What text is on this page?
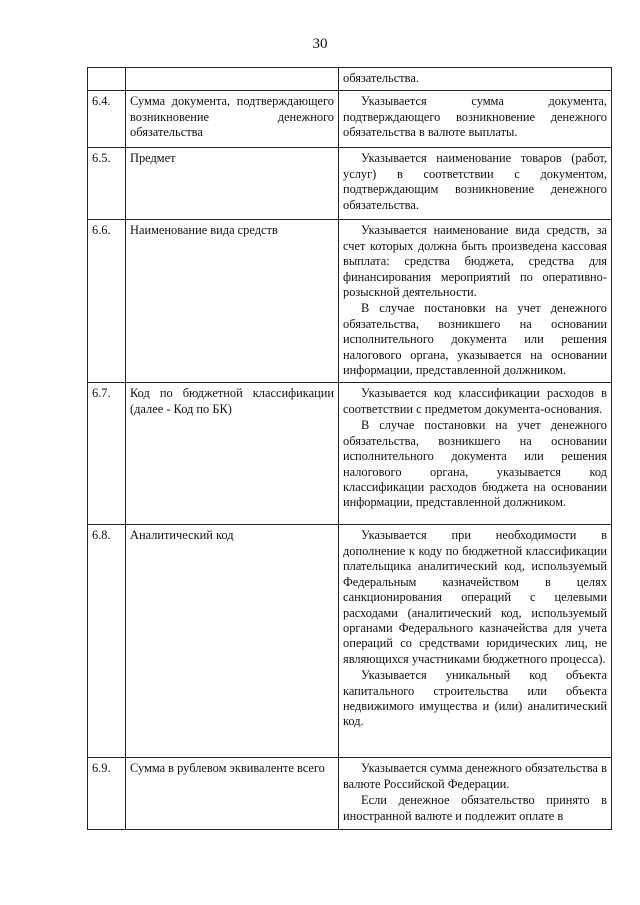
30

		обязательства.

6.4.	Сумма документа, подтверждающего возникновение денежного обязательства	Указывается сумма документа, подтверждающего возникновение денежного обязательства в валюте выплаты.

6.5.	Предмет	Указывается наименование товаров (работ, услуг) в соответствии с документом, подтверждающим возникновение денежного обязательства.

6.6.	Наименование вида средств	Указывается наименование вида средств, за счет которых должна быть произведена кассовая выплата: средства бюджета, средства для финансирования мероприятий по оперативно-розыскной деятельности.

В случае постановки на учет денежного обязательства, возникшего на основании исполнительного документа или решения налогового органа, указывается на основании информации, представленной должником.

6.7.	Код по бюджетной классификации (далее - Код по БК)	Указывается код классификации расходов в соответствии с предметом документа-основания.

В случае постановки на учет денежного обязательства, возникшего на основании исполнительного документа или решения налогового органа, указывается код классификации расходов бюджета на основании информации, представленной должником.

6.8.	Аналитический код	Указывается при необходимости в дополнение к коду по бюджетной классификации плательщика аналитический код, используемый Федеральным казначейством в целях санкционирования операций с целевыми расходами (аналитический код, используемый органами Федерального казначейства для учета операций со средствами юридических лиц, не являющихся участниками бюджетного процесса).

Указывается уникальный код объекта капитального строительства или объекта недвижимого имущества и (или) аналитический код.

6.9.	Сумма в рублевом эквиваленте всего	Указывается сумма денежного обязательства в валюте Российской Федерации.

Если денежное обязательство принято в иностранной валюте и подлежит оплате в
